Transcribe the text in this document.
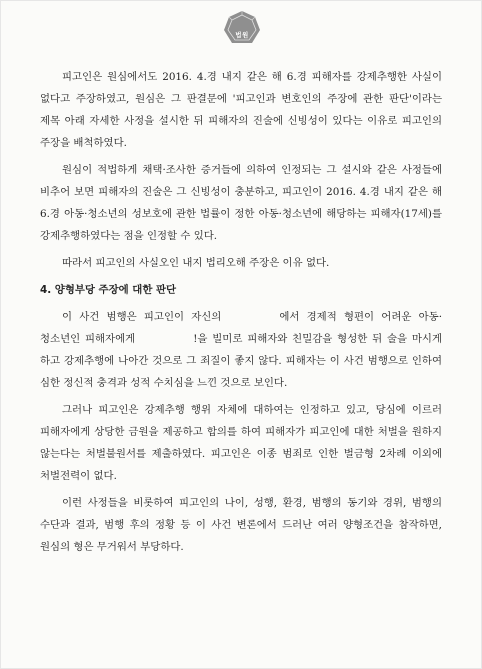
법원

피고인은 원심에서도 2016. 4.경 내지 같은 해 6.경 피해자를 강제추행한 사실이 없다고 주장하였고, 원심은 그 판결문에 '피고인과 변호인의 주장에 관한 판단'이라는 제목 아래 자세한 사정을 설시한 뒤 피해자의 진술에 신빙성이 있다는 이유로 피고인의 주장을 배척하였다.

원심이 적법하게 채택·조사한 증거들에 의하여 인정되는 그 설시와 같은 사정들에 비추어 보면 피해자의 진술은 그 신빙성이 충분하고, 피고인이 2016. 4.경 내지 같은 해 6.경 아동·청소년의 성보호에 관한 법률이 정한 아동·청소년에 해당하는 피해자(17세)를 강제추행하였다는 점을 인정할 수 있다.

따라서 피고인의 사실오인 내지 법리오해 주장은 이유 없다.

4. 양형부당 주장에 대한 판단

이 사건 범행은 피고인이 자신의	에서 경제적 형편이 어려운 아동·청소년인 피해자에게	!을 빌미로 피해자와 친밀감을 형성한 뒤 술을 마시게 하고 강제추행에 나아간 것으로 그 죄질이 좋지 않다. 피해자는 이 사건 범행으로 인하여 심한 정신적 충격과 성적 수치심을 느낀 것으로 보인다.

그러나 피고인은 강제추행 행위 자체에 대하여는 인정하고 있고, 당심에 이르러 피해자에게 상당한 금원을 제공하고 합의를 하여 피해자가 피고인에 대한 처벌을 원하지 않는다는 처벌불원서를 제출하였다. 피고인은 이종 범죄로 인한 벌금형 2차례 이외에 처벌전력이 없다.

이런 사정들을 비롯하여 피고인의 나이, 성행, 환경, 범행의 동기와 경위, 범행의 수단과 결과, 범행 후의 정황 등 이 사건 변론에서 드러난 여러 양형조건을 참작하면, 원심의 형은 무거워서 부당하다.
